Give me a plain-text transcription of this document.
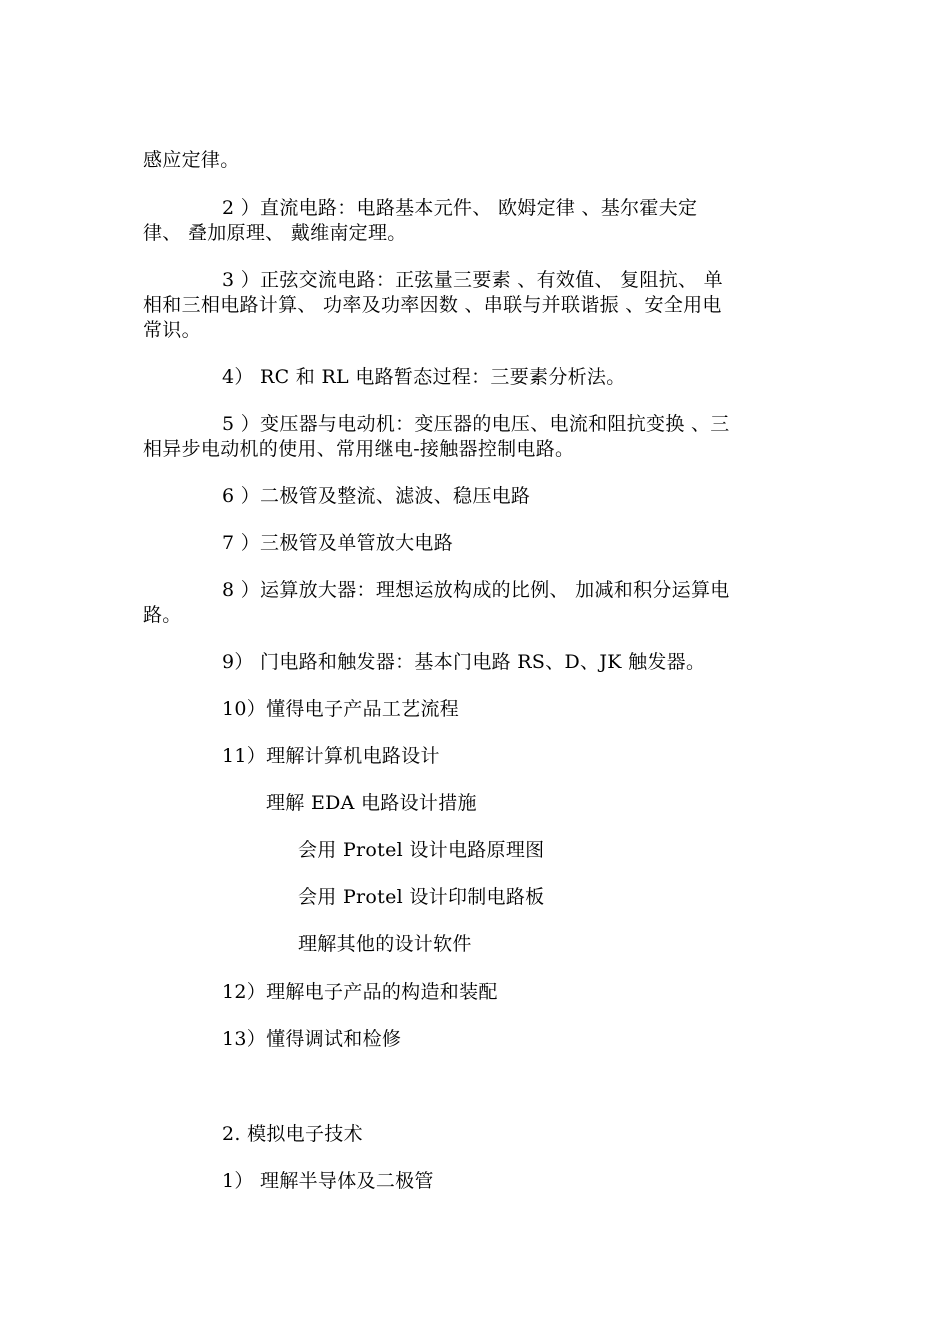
感应定律。
2 ）直流电路：电路基本元件、 欧姆定律 、基尔霍夫定
律、 叠加原理、 戴维南定理。
3 ）正弦交流电路：正弦量三要素 、有效值、 复阻抗、 单
相和三相电路计算、 功率及功率因数 、串联与并联谐振 、安全用电
常识。
4） RC 和 RL 电路暂态过程：三要素分析法。
5 ）变压器与电动机：变压器的电压、电流和阻抗变换 、三
相异步电动机的使用、常用继电-接触器控制电路。
6 ）二极管及整流、滤波、稳压电路
7 ）三极管及单管放大电路
8 ）运算放大器：理想运放构成的比例、 加减和积分运算电
路。
9） 门电路和触发器：基本门电路 RS、D、JK 触发器。
10）懂得电子产品工艺流程
11）理解计算机电路设计
理解 EDA 电路设计措施
会用 Protel 设计电路原理图
会用 Protel 设计印制电路板
理解其他的设计软件
12）理解电子产品的构造和装配
13）懂得调试和检修
2. 模拟电子技术
1） 理解半导体及二极管
